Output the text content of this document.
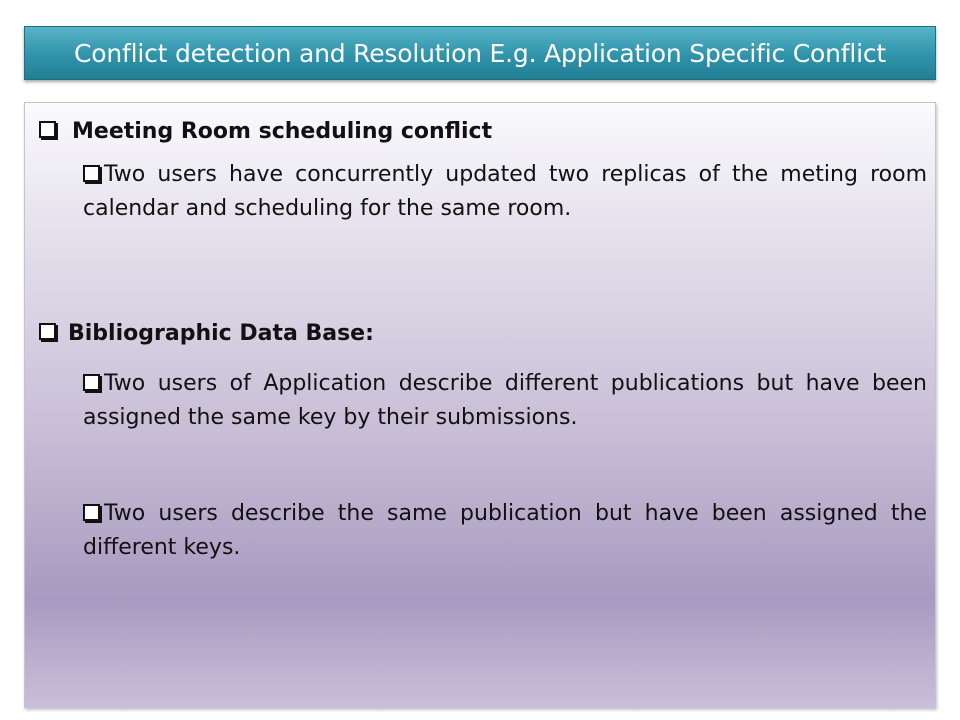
Conflict detection and Resolution E.g. Application Specific Conflict
Meeting Room scheduling conflict
Two users have concurrently updated two replicas of the meting room calendar and scheduling for the same room.
Bibliographic Data Base:
Two users of Application describe different publications but have been assigned the same key by their submissions.
Two users describe the same publication but have been assigned the different keys.
